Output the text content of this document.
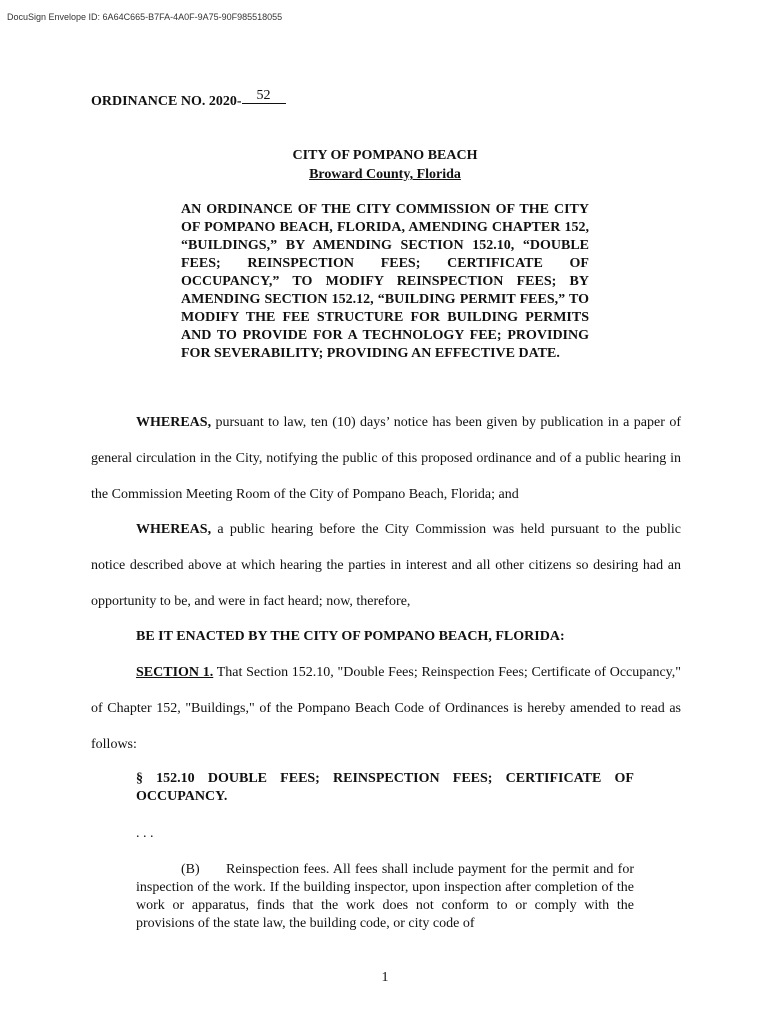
DocuSign Envelope ID: 6A64C665-B7FA-4A0F-9A75-90F985518055
ORDINANCE NO. 2020- 52
CITY OF POMPANO BEACH
Broward County, Florida
AN ORDINANCE OF THE CITY COMMISSION OF THE CITY OF POMPANO BEACH, FLORIDA, AMENDING CHAPTER 152, “BUILDINGS,” BY AMENDING SECTION 152.10, “DOUBLE FEES; REINSPECTION FEES; CERTIFICATE OF OCCUPANCY,” TO MODIFY REINSPECTION FEES; BY AMENDING SECTION 152.12, “BUILDING PERMIT FEES,” TO MODIFY THE FEE STRUCTURE FOR BUILDING PERMITS AND TO PROVIDE FOR A TECHNOLOGY FEE; PROVIDING FOR SEVERABILITY; PROVIDING AN EFFECTIVE DATE.
WHEREAS, pursuant to law, ten (10) days’ notice has been given by publication in a paper of general circulation in the City, notifying the public of this proposed ordinance and of a public hearing in the Commission Meeting Room of the City of Pompano Beach, Florida; and
WHEREAS, a public hearing before the City Commission was held pursuant to the public notice described above at which hearing the parties in interest and all other citizens so desiring had an opportunity to be, and were in fact heard; now, therefore,
BE IT ENACTED BY THE CITY OF POMPANO BEACH, FLORIDA:
SECTION 1. That Section 152.10, "Double Fees; Reinspection Fees; Certificate of Occupancy," of Chapter 152, "Buildings," of the Pompano Beach Code of Ordinances is hereby amended to read as follows:
§ 152.10 DOUBLE FEES; REINSPECTION FEES; CERTIFICATE OF OCCUPANCY.
. . .
(B) Reinspection fees. All fees shall include payment for the permit and for inspection of the work. If the building inspector, upon inspection after completion of the work or apparatus, finds that the work does not conform to or comply with the provisions of the state law, the building code, or city code of
1
